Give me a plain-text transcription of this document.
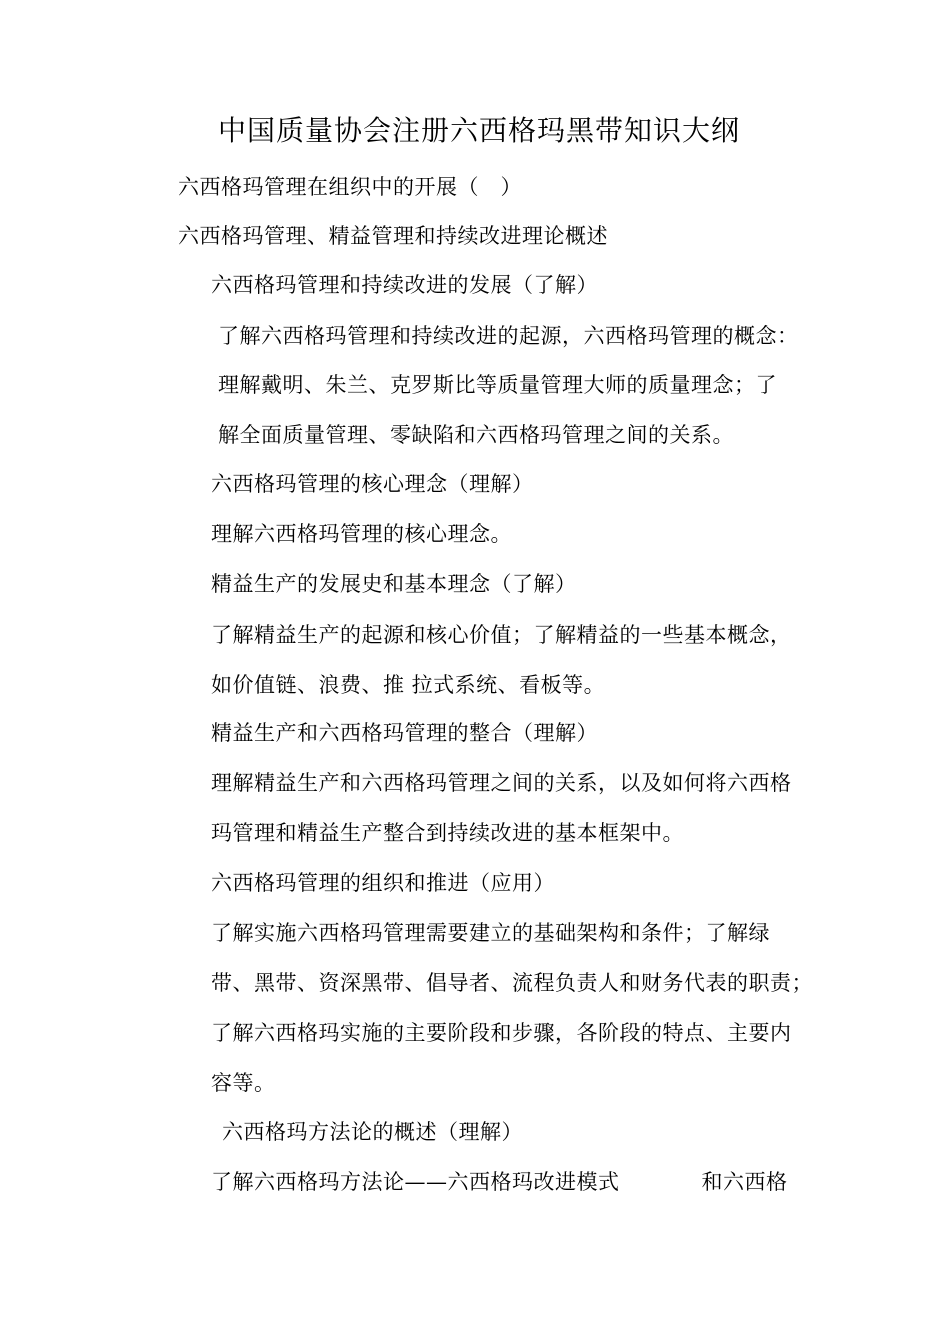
中国质量协会注册六西格玛黑带知识大纲
六西格玛管理在组织中的开展（　）
六西格玛管理、精益管理和持续改进理论概述
六西格玛管理和持续改进的发展（了解）
了解六西格玛管理和持续改进的起源，六西格玛管理的概念：
理解戴明、朱兰、克罗斯比等质量管理大师的质量理念；了
解全面质量管理、零缺陷和六西格玛管理之间的关系。
六西格玛管理的核心理念（理解）
理解六西格玛管理的核心理念。
精益生产的发展史和基本理念（了解）
了解精益生产的起源和核心价值；了解精益的一些基本概念，
如价值链、浪费、推 拉式系统、看板等。
精益生产和六西格玛管理的整合（理解）
理解精益生产和六西格玛管理之间的关系，以及如何将六西格
玛管理和精益生产整合到持续改进的基本框架中。
六西格玛管理的组织和推进（应用）
了解实施六西格玛管理需要建立的基础架构和条件；了解绿
带、黑带、资深黑带、倡导者、流程负责人和财务代表的职责；
了解六西格玛实施的主要阶段和步骤，各阶段的特点、主要内
容等。
六西格玛方法论的概述（理解）
了解六西格玛方法论——六西格玛改进模式	和六西格
